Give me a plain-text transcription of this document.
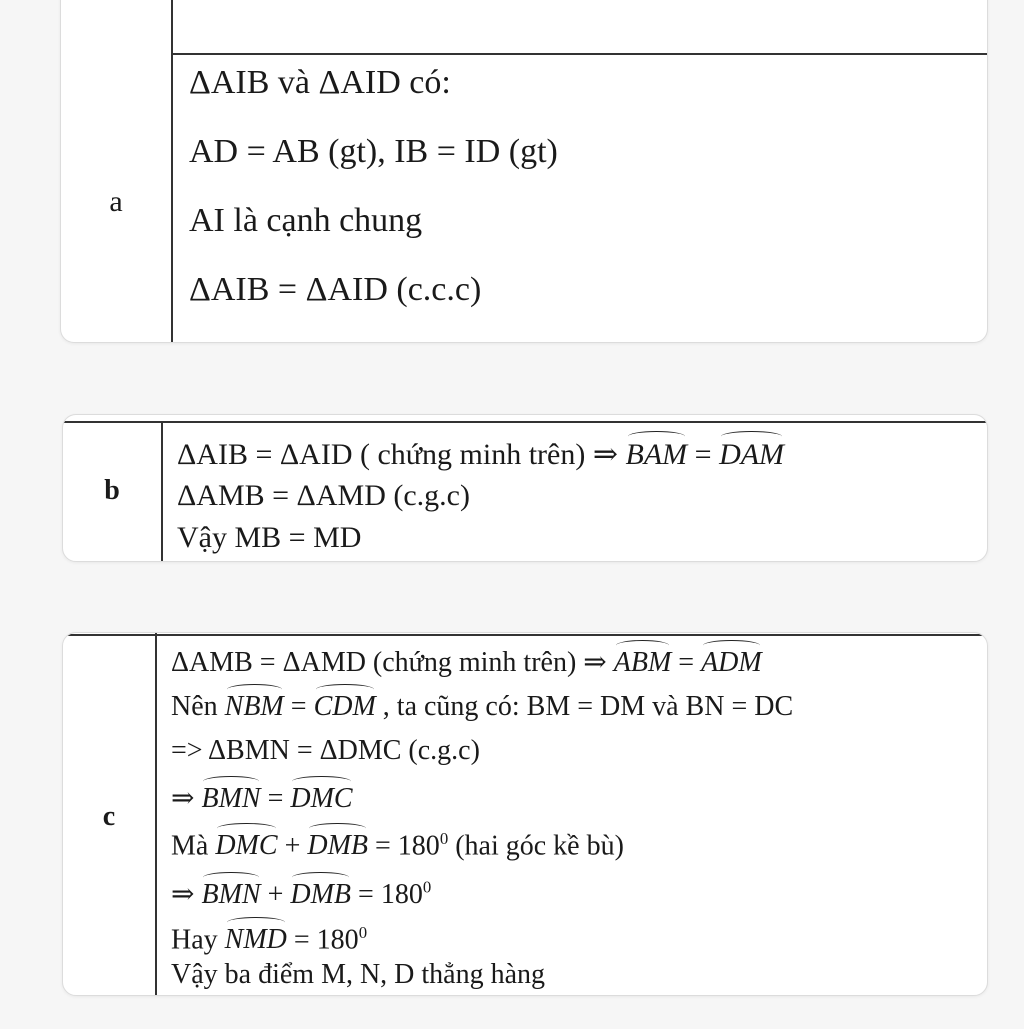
a
ΔAIB và ΔAID có:
AD = AB (gt), IB = ID (gt)
AI là cạnh chung
ΔAIB = ΔAID (c.c.c)
b
ΔAIB = ΔAID ( chứng minh trên) ⇒ BAM = DAM
ΔAMB = ΔAMD (c.g.c)
Vậy MB = MD
c
ΔAMB = ΔAMD (chứng minh trên) ⇒ ABM = ADM
Nên NBM = CDM , ta cũng có: BM = DM và BN = DC
=> ΔBMN = ΔDMC (c.g.c)
⇒ BMN = DMC
Mà DMC + DMB = $180^0$ (hai góc kề bù)
⇒ BMN + DMB = $180^0$
Hay NMD = $180^0$
Vậy ba điểm M, N, D thẳng hàng
